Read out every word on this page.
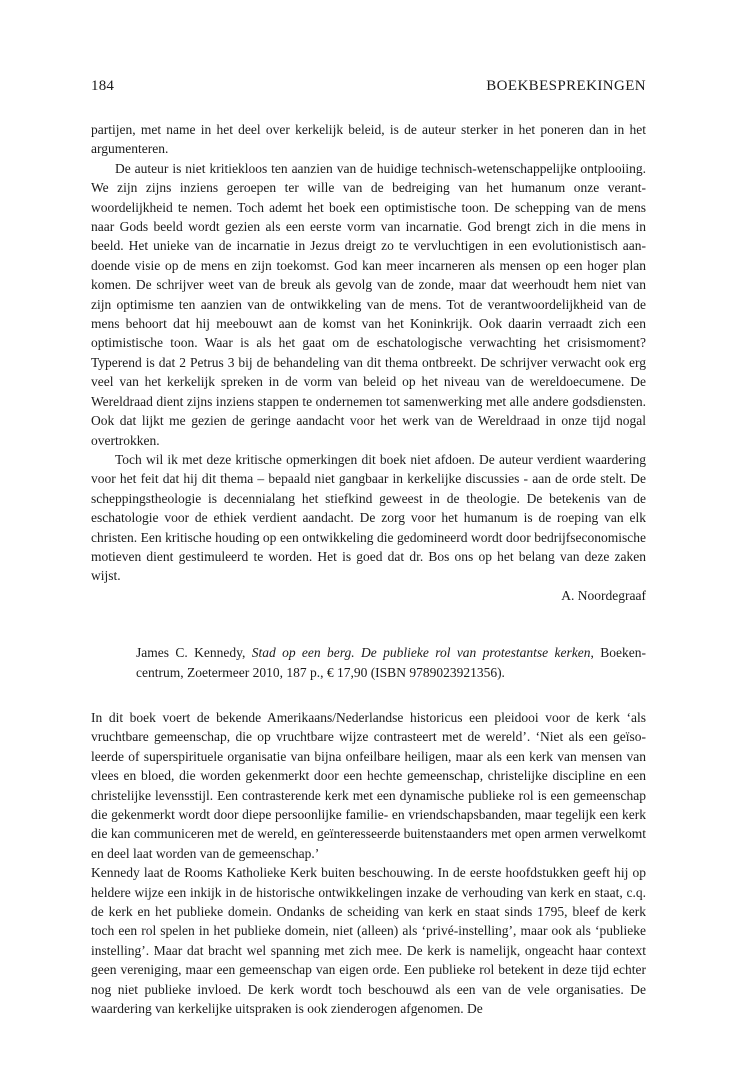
184	BOEKBESPREKINGEN

partijen, met name in het deel over kerkelijk beleid, is de auteur sterker in het poneren dan in het argumenteren.

De auteur is niet kritiekloos ten aanzien van de huidige technisch-wetenschappelijke ontplooiing. We zijn zijns inziens geroepen ter wille van de bedreiging van het humanum onze verantwoordelijkheid te nemen. Toch ademt het boek een optimistische toon. De schepping van de mens naar Gods beeld wordt gezien als een eerste vorm van incarnatie. God brengt zich in die mens in beeld. Het unieke van de incarnatie in Jezus dreigt zo te vervluchtigen in een evolutionistisch aandoende visie op de mens en zijn toekomst. God kan meer incarneren als mensen op een hoger plan komen. De schrijver weet van de breuk als gevolg van de zonde, maar dat weerhoudt hem niet van zijn optimisme ten aanzien van de ontwikkeling van de mens. Tot de verantwoordelijkheid van de mens behoort dat hij meebouwt aan de komst van het Koninkrijk. Ook daarin verraadt zich een optimistische toon. Waar is als het gaat om de eschatologische verwachting het crisismoment? Typerend is dat 2 Petrus 3 bij de behandeling van dit thema ontbreekt. De schrijver verwacht ook erg veel van het kerkelijk spreken in de vorm van beleid op het niveau van de wereldoecumene. De Wereldraad dient zijns inziens stappen te ondernemen tot samenwerking met alle andere godsdiensten. Ook dat lijkt me gezien de geringe aandacht voor het werk van de Wereldraad in onze tijd nogal overtrokken.

Toch wil ik met deze kritische opmerkingen dit boek niet afdoen. De auteur verdient waardering voor het feit dat hij dit thema – bepaald niet gangbaar in kerkelijke discussies - aan de orde stelt. De scheppingstheologie is decennialang het stiefkind geweest in de theologie. De betekenis van de eschatologie voor de ethiek verdient aandacht. De zorg voor het humanum is de roeping van elk christen. Een kritische houding op een ontwikkeling die gedomineerd wordt door bedrijfseconomische motieven dient gestimuleerd te worden. Het is goed dat dr. Bos ons op het belang van deze zaken wijst.

A. Noordegraaf
James C. Kennedy, Stad op een berg. De publieke rol van protestantse kerken, Boekencentrum, Zoetermeer 2010, 187 p., € 17,90 (ISBN 9789023921356).

In dit boek voert de bekende Amerikaans/Nederlandse historicus een pleidooi voor de kerk ‘als vruchtbare gemeenschap, die op vruchtbare wijze contrasteert met de wereld’. ‘Niet als een geïsoleerde of superspirituele organisatie van bijna onfeilbare heiligen, maar als een kerk van mensen van vlees en bloed, die worden gekenmerkt door een hechte gemeenschap, christelijke discipline en een christelijke levensstijl. Een contrasterende kerk met een dynamische publieke rol is een gemeenschap die gekenmerkt wordt door diepe persoonlijke familie- en vriendschapsbanden, maar tegelijk een kerk die kan communiceren met de wereld, en geïnteresseerde buitenstaanders met open armen verwelkomt en deel laat worden van de gemeenschap.’

Kennedy laat de Rooms Katholieke Kerk buiten beschouwing. In de eerste hoofdstukken geeft hij op heldere wijze een inkijk in de historische ontwikkelingen inzake de verhouding van kerk en staat, c.q. de kerk en het publieke domein. Ondanks de scheiding van kerk en staat sinds 1795, bleef de kerk toch een rol spelen in het publieke domein, niet (alleen) als ‘privé-instelling’, maar ook als ‘publieke instelling’. Maar dat bracht wel spanning met zich mee. De kerk is namelijk, ongeacht haar context geen vereniging, maar een gemeenschap van eigen orde. Een publieke rol betekent in deze tijd echter nog niet publieke invloed. De kerk wordt toch beschouwd als een van de vele organisaties. De waardering van kerkelijke uitspraken is ook zienderogen afgenomen. De
